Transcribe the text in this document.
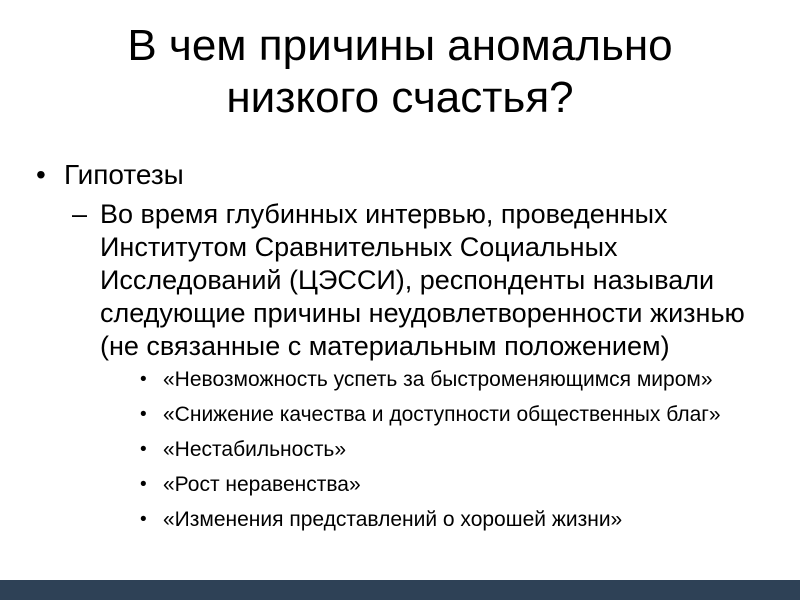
В чем причины аномально
низкого счастья?
• Гипотезы
– Во время глубинных интервью, проведенных
Институтом Сравнительных Социальных
Исследований (ЦЭССИ), респонденты называли
следующие причины неудовлетворенности жизнью
(не связанные с материальным положением)
• «Невозможность успеть за быстроменяющимся миром»
• «Снижение качества и доступности общественных благ»
• «Нестабильность»
• «Рост неравенства»
• «Изменения представлений о хорошей жизни»
